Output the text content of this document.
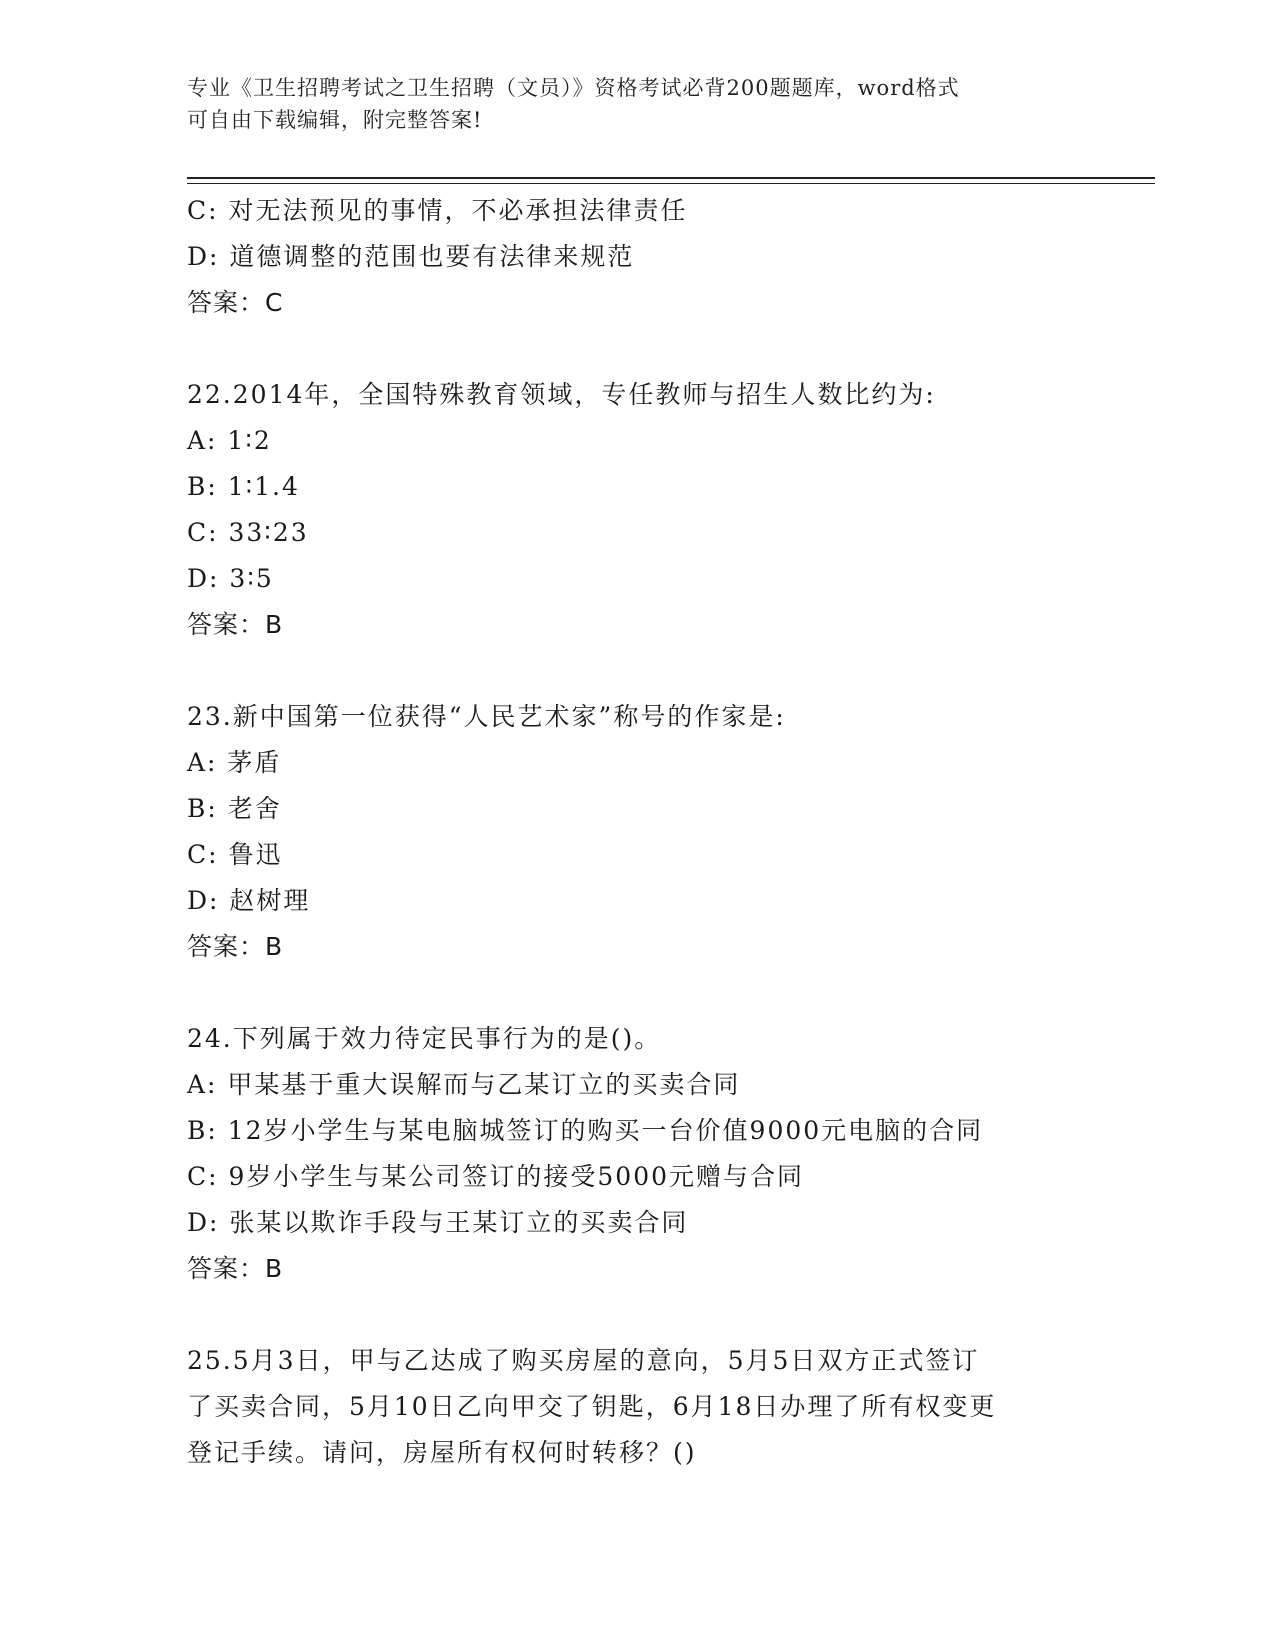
专业《卫生招聘考试之卫生招聘（文员）》资格考试必背200题题库，word格式
可自由下载编辑，附完整答案!
C: 对无法预见的事情，不必承担法律责任
D: 道德调整的范围也要有法律来规范
答案：C
22.2014年，全国特殊教育领域，专任教师与招生人数比约为:
A: 1∶2
B: 1∶1.4
C: 33∶23
D: 3∶5
答案：B
23.新中国第一位获得“人民艺术家”称号的作家是:
A: 茅盾
B: 老舍
C: 鲁迅
D: 赵树理
答案：B
24.下列属于效力待定民事行为的是()。
A: 甲某基于重大误解而与乙某订立的买卖合同
B: 12岁小学生与某电脑城签订的购买一台价值9000元电脑的合同
C: 9岁小学生与某公司签订的接受5000元赠与合同
D: 张某以欺诈手段与王某订立的买卖合同
答案：B
25.5月3日，甲与乙达成了购买房屋的意向，5月5日双方正式签订
了买卖合同，5月10日乙向甲交了钥匙，6月18日办理了所有权变更
登记手续。请问，房屋所有权何时转移？()
